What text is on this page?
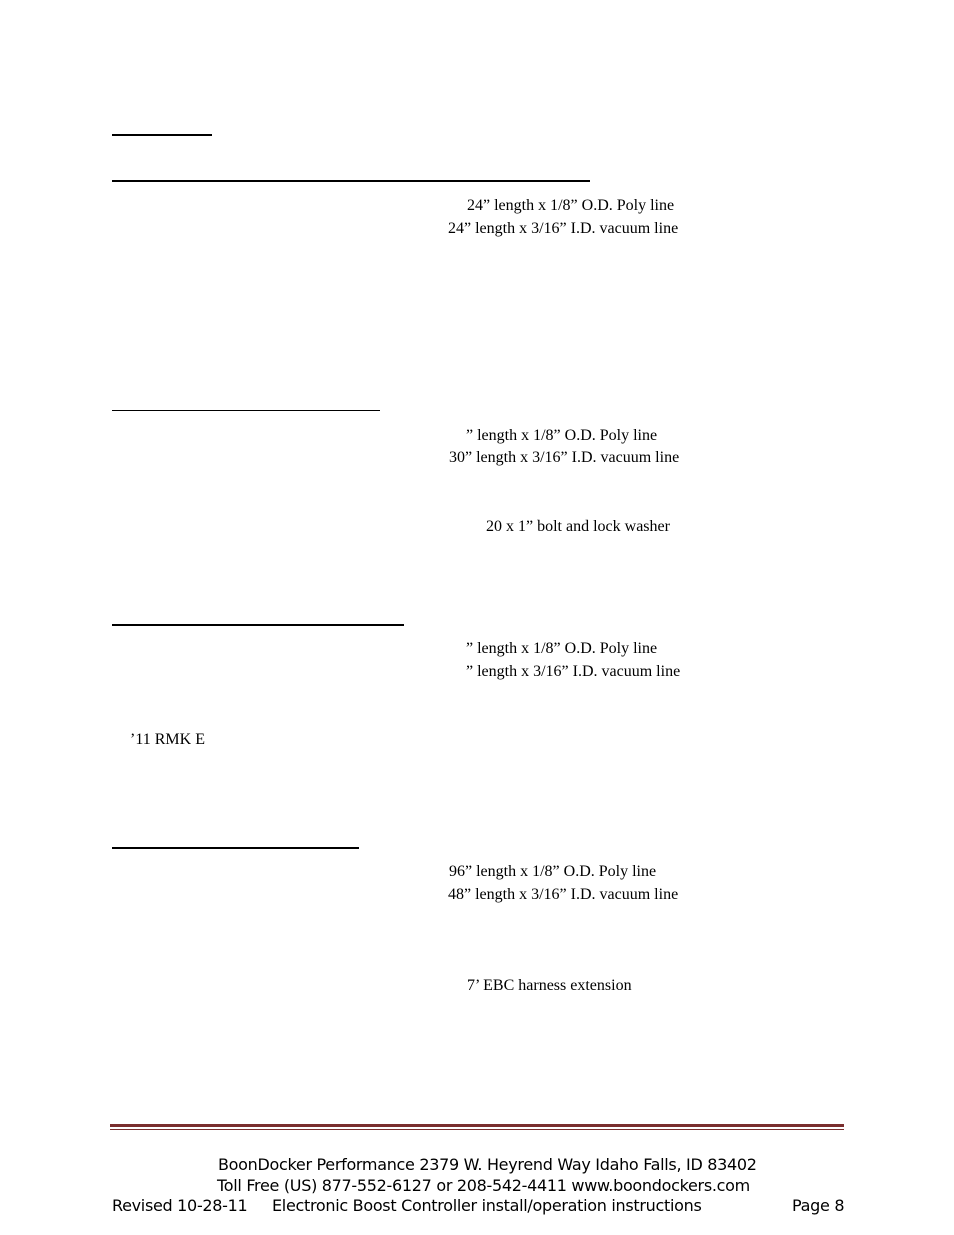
24” length x 1/8” O.D. Poly line
24” length x 3/16” I.D. vacuum line
” length x 1/8” O.D. Poly line
30” length x 3/16” I.D. vacuum line
20 x 1” bolt and lock washer
” length x 1/8” O.D. Poly line
” length x 3/16” I.D. vacuum line
’11 RMK E
96” length x 1/8” O.D. Poly line
48” length x 3/16” I.D. vacuum line
7’ EBC harness extension
BoonDocker Performance 2379 W. Heyrend Way Idaho Falls, ID 83402
Toll Free (US) 877-552-6127 or 208-542-4411 www.boondockers.com
Revised 10-28-11 Electronic Boost Controller install/operation instructions	Page 8
